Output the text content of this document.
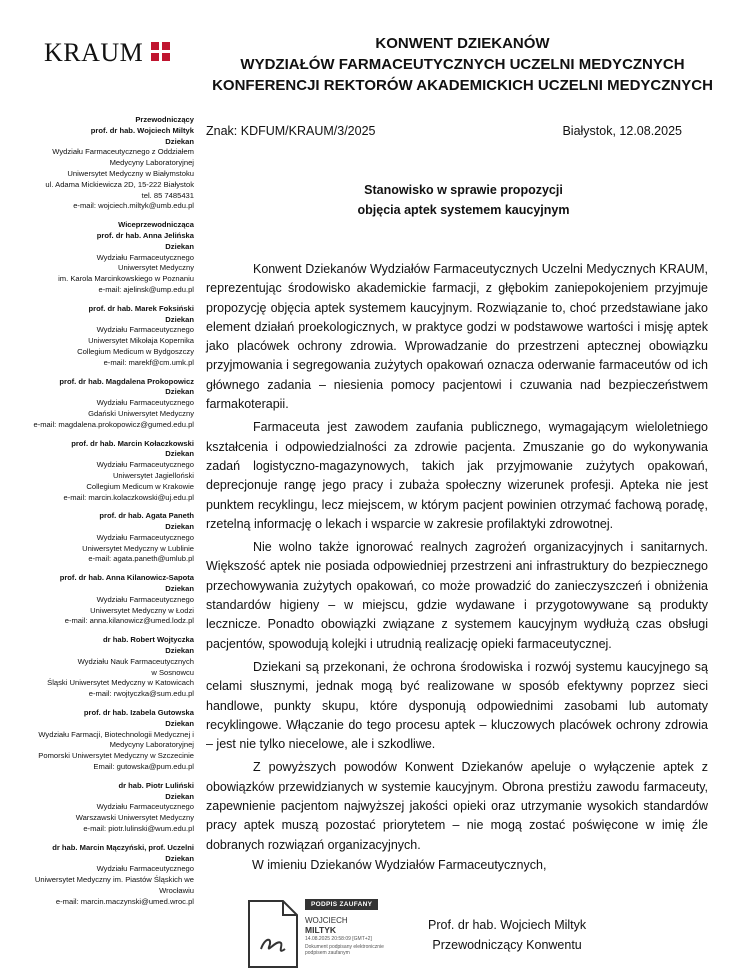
KRAUM	KONWENT DZIEKANÓW
WYDZIAŁÓW FARMACEUTYCZNYCH UCZELNI MEDYCZNYCH
KONFERENCJI REKTORÓW AKADEMICKICH UCZELNI MEDYCZNYCH
Znak: KDFUM/KRAUM/3/2025	Białystok, 12.08.2025
Stanowisko w sprawie propozycji
objęcia aptek systemem kaucyjnym

Konwent Dziekanów Wydziałów Farmaceutycznych Uczelni Medycznych KRAUM, reprezentując środowisko akademickie farmacji, z głębokim zaniepokojeniem przyjmuje propozycję objęcia aptek systemem kaucyjnym. Rozwiązanie to, choć przedstawiane jako element działań proekologicznych, w praktyce godzi w podstawowe wartości i misję aptek jako placówek ochrony zdrowia. Wprowadzanie do przestrzeni aptecznej obowiązku przyjmowania i segregowania zużytych opakowań oznacza oderwanie farmaceutów od ich głównego zadania – niesienia pomocy pacjentowi i czuwania nad bezpieczeństwem farmakoterapii.

Farmaceuta jest zawodem zaufania publicznego, wymagającym wieloletniego kształcenia i odpowiedzialności za zdrowie pacjenta. Zmuszanie go do wykonywania zadań logistyczno-magazynowych, takich jak przyjmowanie zużytych opakowań, deprecjonuje rangę jego pracy i zubaża społeczny wizerunek profesji. Apteka nie jest punktem recyklingu, lecz miejscem, w którym pacjent powinien otrzymać fachową poradę, rzetelną informację o lekach i wsparcie w zakresie profilaktyki zdrowotnej.

Nie wolno także ignorować realnych zagrożeń organizacyjnych i sanitarnych. Większość aptek nie posiada odpowiedniej przestrzeni ani infrastruktury do bezpiecznego przechowywania zużytych opakowań, co może prowadzić do zanieczyszczeń i obniżenia standardów higieny – w miejscu, gdzie wydawane i przygotowywane są produkty lecznicze. Ponadto obowiązki związane z systemem kaucyjnym wydłużą czas obsługi pacjentów, spowodują kolejki i utrudnią realizację opieki farmaceutycznej.

Dziekani są przekonani, że ochrona środowiska i rozwój systemu kaucyjnego są celami słusznymi, jednak mogą być realizowane w sposób efektywny poprzez sieci handlowe, punkty skupu, które dysponują odpowiednimi zasobami lub automaty recyklingowe. Włączanie do tego procesu aptek – kluczowych placówek ochrony zdrowia – jest nie tylko niecelowe, ale i szkodliwe.

Z powyższych powodów Konwent Dziekanów apeluje o wyłączenie aptek z obowiązków przewidzianych w systemie kaucyjnym. Obrona prestiżu zawodu farmaceuty, zapewnienie pacjentom najwyższej jakości opieki oraz utrzymanie wysokich standardów pracy aptek muszą pozostać priorytetem – nie mogą zostać poświęcone w imię źle dobranych rozwiązań organizacyjnych.

Przewodniczący
prof. dr hab. Wojciech Miltyk
Dziekan
Wydziału Farmaceutycznego z Oddziałem
Medycyny Laboratoryjnej
Uniwersytet Medyczny w Białymstoku
ul. Adama Mickiewicza 2D, 15-222 Białystok
tel. 85 7485431
e-mail: wojciech.miltyk@umb.edu.pl
Wiceprzewodnicząca
prof. dr hab. Anna Jelińska
Dziekan
Wydziału Farmaceutycznego
Uniwersytet Medyczny
im. Karola Marcinkowskiego w Poznaniu
e-mail: ajelinsk@ump.edu.pl
prof. dr hab. Marek Foksiński
Dziekan
Wydziału Farmaceutycznego
Uniwersytet Mikołaja Kopernika
Collegium Medicum w Bydgoszczy
e-mail: marekf@cm.umk.pl
prof. dr hab. Magdalena Prokopowicz
Dziekan
Wydziału Farmaceutycznego
Gdański Uniwersytet Medyczny
e-mail: magdalena.prokopowicz@gumed.edu.pl
prof. dr hab. Marcin Kołaczkowski
Dziekan
Wydziału Farmaceutycznego
Uniwersytet Jagielloński
Collegium Medicum w Krakowie
e-mail: marcin.kolaczkowski@uj.edu.pl
prof. dr hab. Agata Paneth
Dziekan
Wydziału Farmaceutycznego
Uniwersytet Medyczny w Lublinie
e-mail: agata.paneth@umlub.pl
prof. dr hab. Anna Kilanowicz-Sapota
Dziekan
Wydziału Farmaceutycznego
Uniwersytet Medyczny w Łodzi
e-mail: anna.kilanowicz@umed.lodz.pl
dr hab. Robert Wojtyczka
Dziekan
Wydziału Nauk Farmaceutycznych
w Sosnowcu
Śląski Uniwersytet Medyczny w Katowicach
e-mail: rwojtyczka@sum.edu.pl
prof. dr hab. Izabela Gutowska
Dziekan
Wydziału Farmacji, Biotechnologii Medycznej i
Medycyny Laboratoryjnej
Pomorski Uniwersytet Medyczny w Szczecinie
Email: gutowska@pum.edu.pl
dr hab. Piotr Luliński
Dziekan
Wydziału Farmaceutycznego
Warszawski Uniwersytet Medyczny
e-mail: piotr.lulinski@wum.edu.pl
dr hab. Marcin Mączyński, prof. Uczelni
Dziekan
Wydziału Farmaceutycznego
Uniwersytet Medyczny im. Piastów Śląskich we
Wrocławiu
e-mail: marcin.maczynski@umed.wroc.pl
W imieniu Dziekanów Wydziałów Farmaceutycznych,
PODPIS ZAUFANY
WOJCIECH
MILTYK
14.08.2025 20:58:09 [GMT+2]
Dokument podpisany elektronicznie
podpisem zaufanym
Prof. dr hab. Wojciech Miltyk
Przewodniczący Konwentu
